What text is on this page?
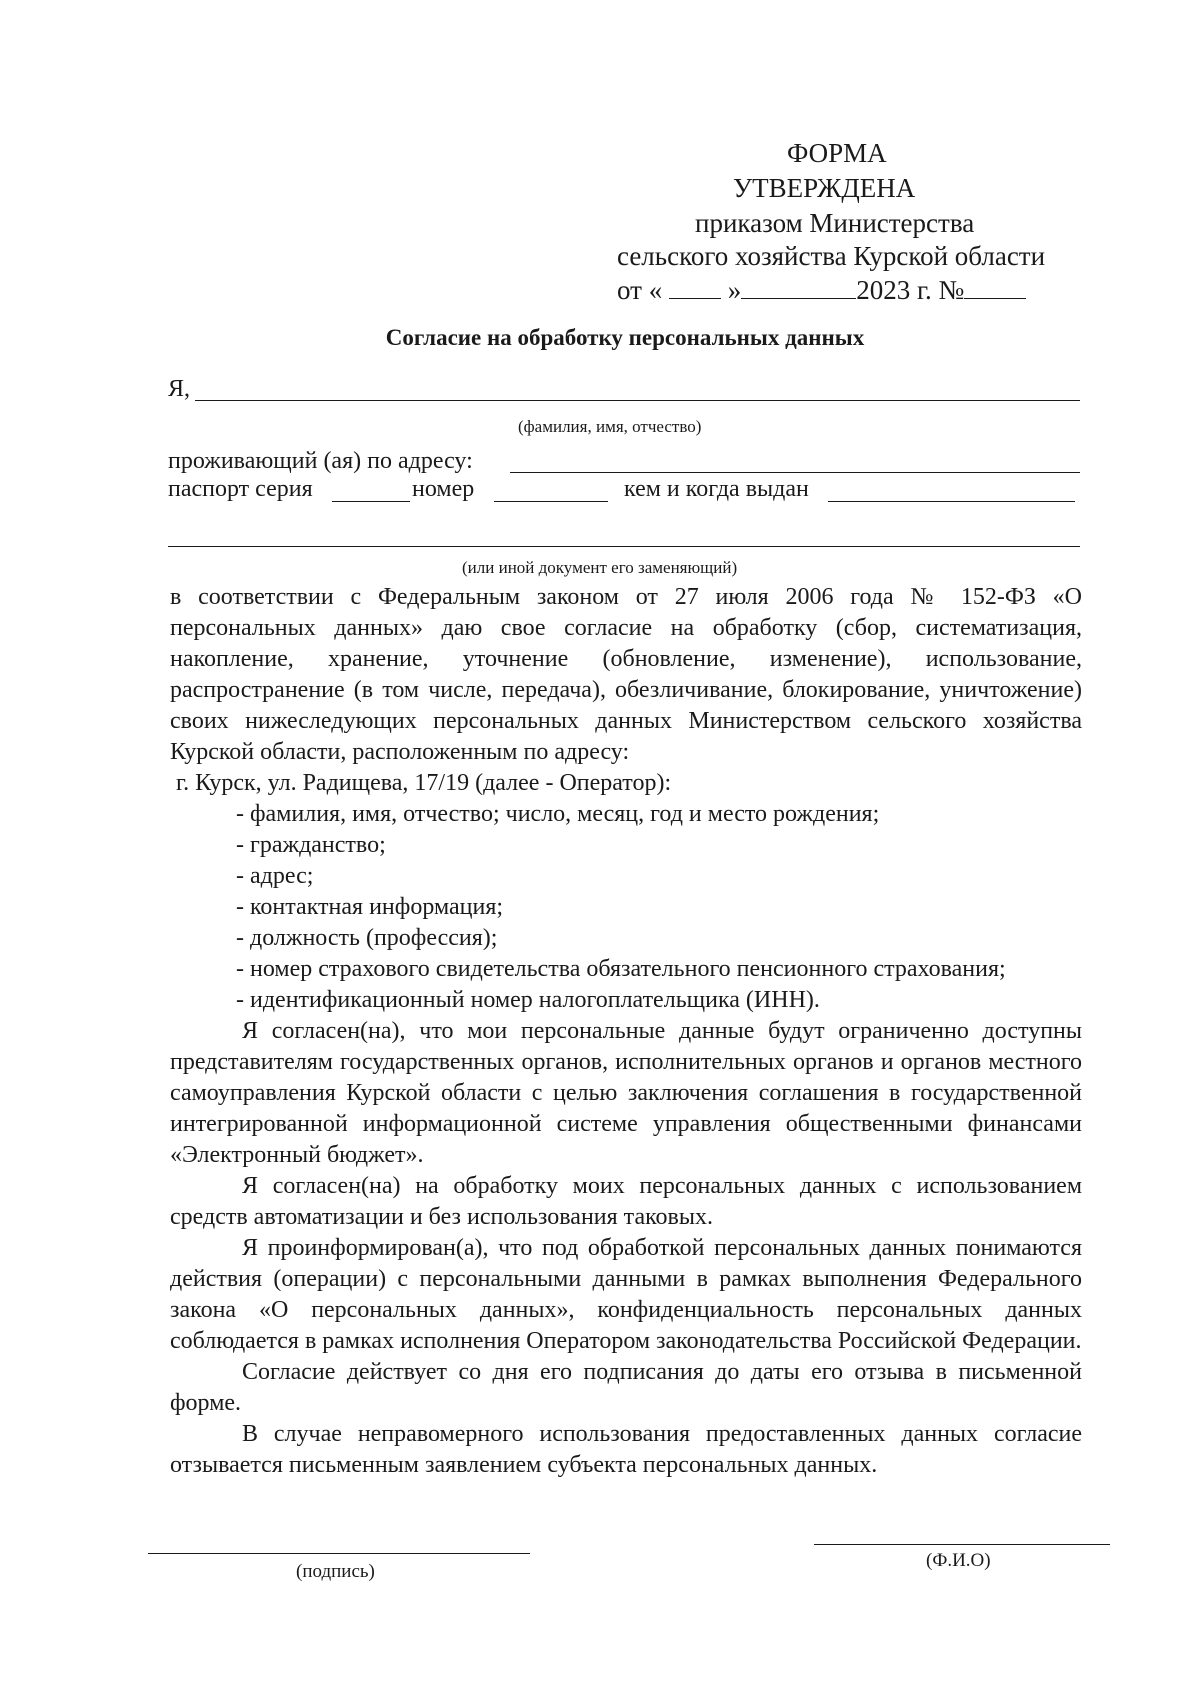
ФОРМА
УТВЕРЖДЕНА
приказом Министерства
сельского хозяйства Курской области
от « »	2023 г. №
Согласие на обработку персональных данных
Я,
(фамилия, имя, отчество)
проживающий (ая) по адресу:
паспорт серия	номер	кем и когда выдан
(или иной документ его заменяющий)

в соответствии с Федеральным законом от 27 июля 2006 года № 152-ФЗ «О персональных данных» даю свое согласие на обработку (сбор, систематизация, накопление, хранение, уточнение (обновление, изменение), использование, распространение (в том числе, передача), обезличивание, блокирование, уничтожение) своих нижеследующих персональных данных Министерством сельского хозяйства Курской области, расположенным по адресу:

г. Курск, ул. Радищева, 17/19 (далее - Оператор):

- фамилия, имя, отчество; число, месяц, год и место рождения;

- гражданство;

- адрес;

- контактная информация;

- должность (профессия);

- номер страхового свидетельства обязательного пенсионного страхования;

- идентификационный номер налогоплательщика (ИНН).

Я согласен(на), что мои персональные данные будут ограниченно доступны представителям государственных органов, исполнительных органов и органов местного самоуправления Курской области с целью заключения соглашения в государственной интегрированной информационной системе управления общественными финансами «Электронный бюджет».

Я согласен(на) на обработку моих персональных данных с использованием средств автоматизации и без использования таковых.

Я проинформирован(а), что под обработкой персональных данных понимаются действия (операции) с персональными данными в рамках выполнения Федерального закона «О персональных данных», конфиденциальность персональных данных соблюдается в рамках исполнения Оператором законодательства Российской Федерации.

Согласие действует со дня его подписания до даты его отзыва в письменной форме.

В случае неправомерного использования предоставленных данных согласие отзывается письменным заявлением субъекта персональных данных.

(подпись)
(Ф.И.О)
